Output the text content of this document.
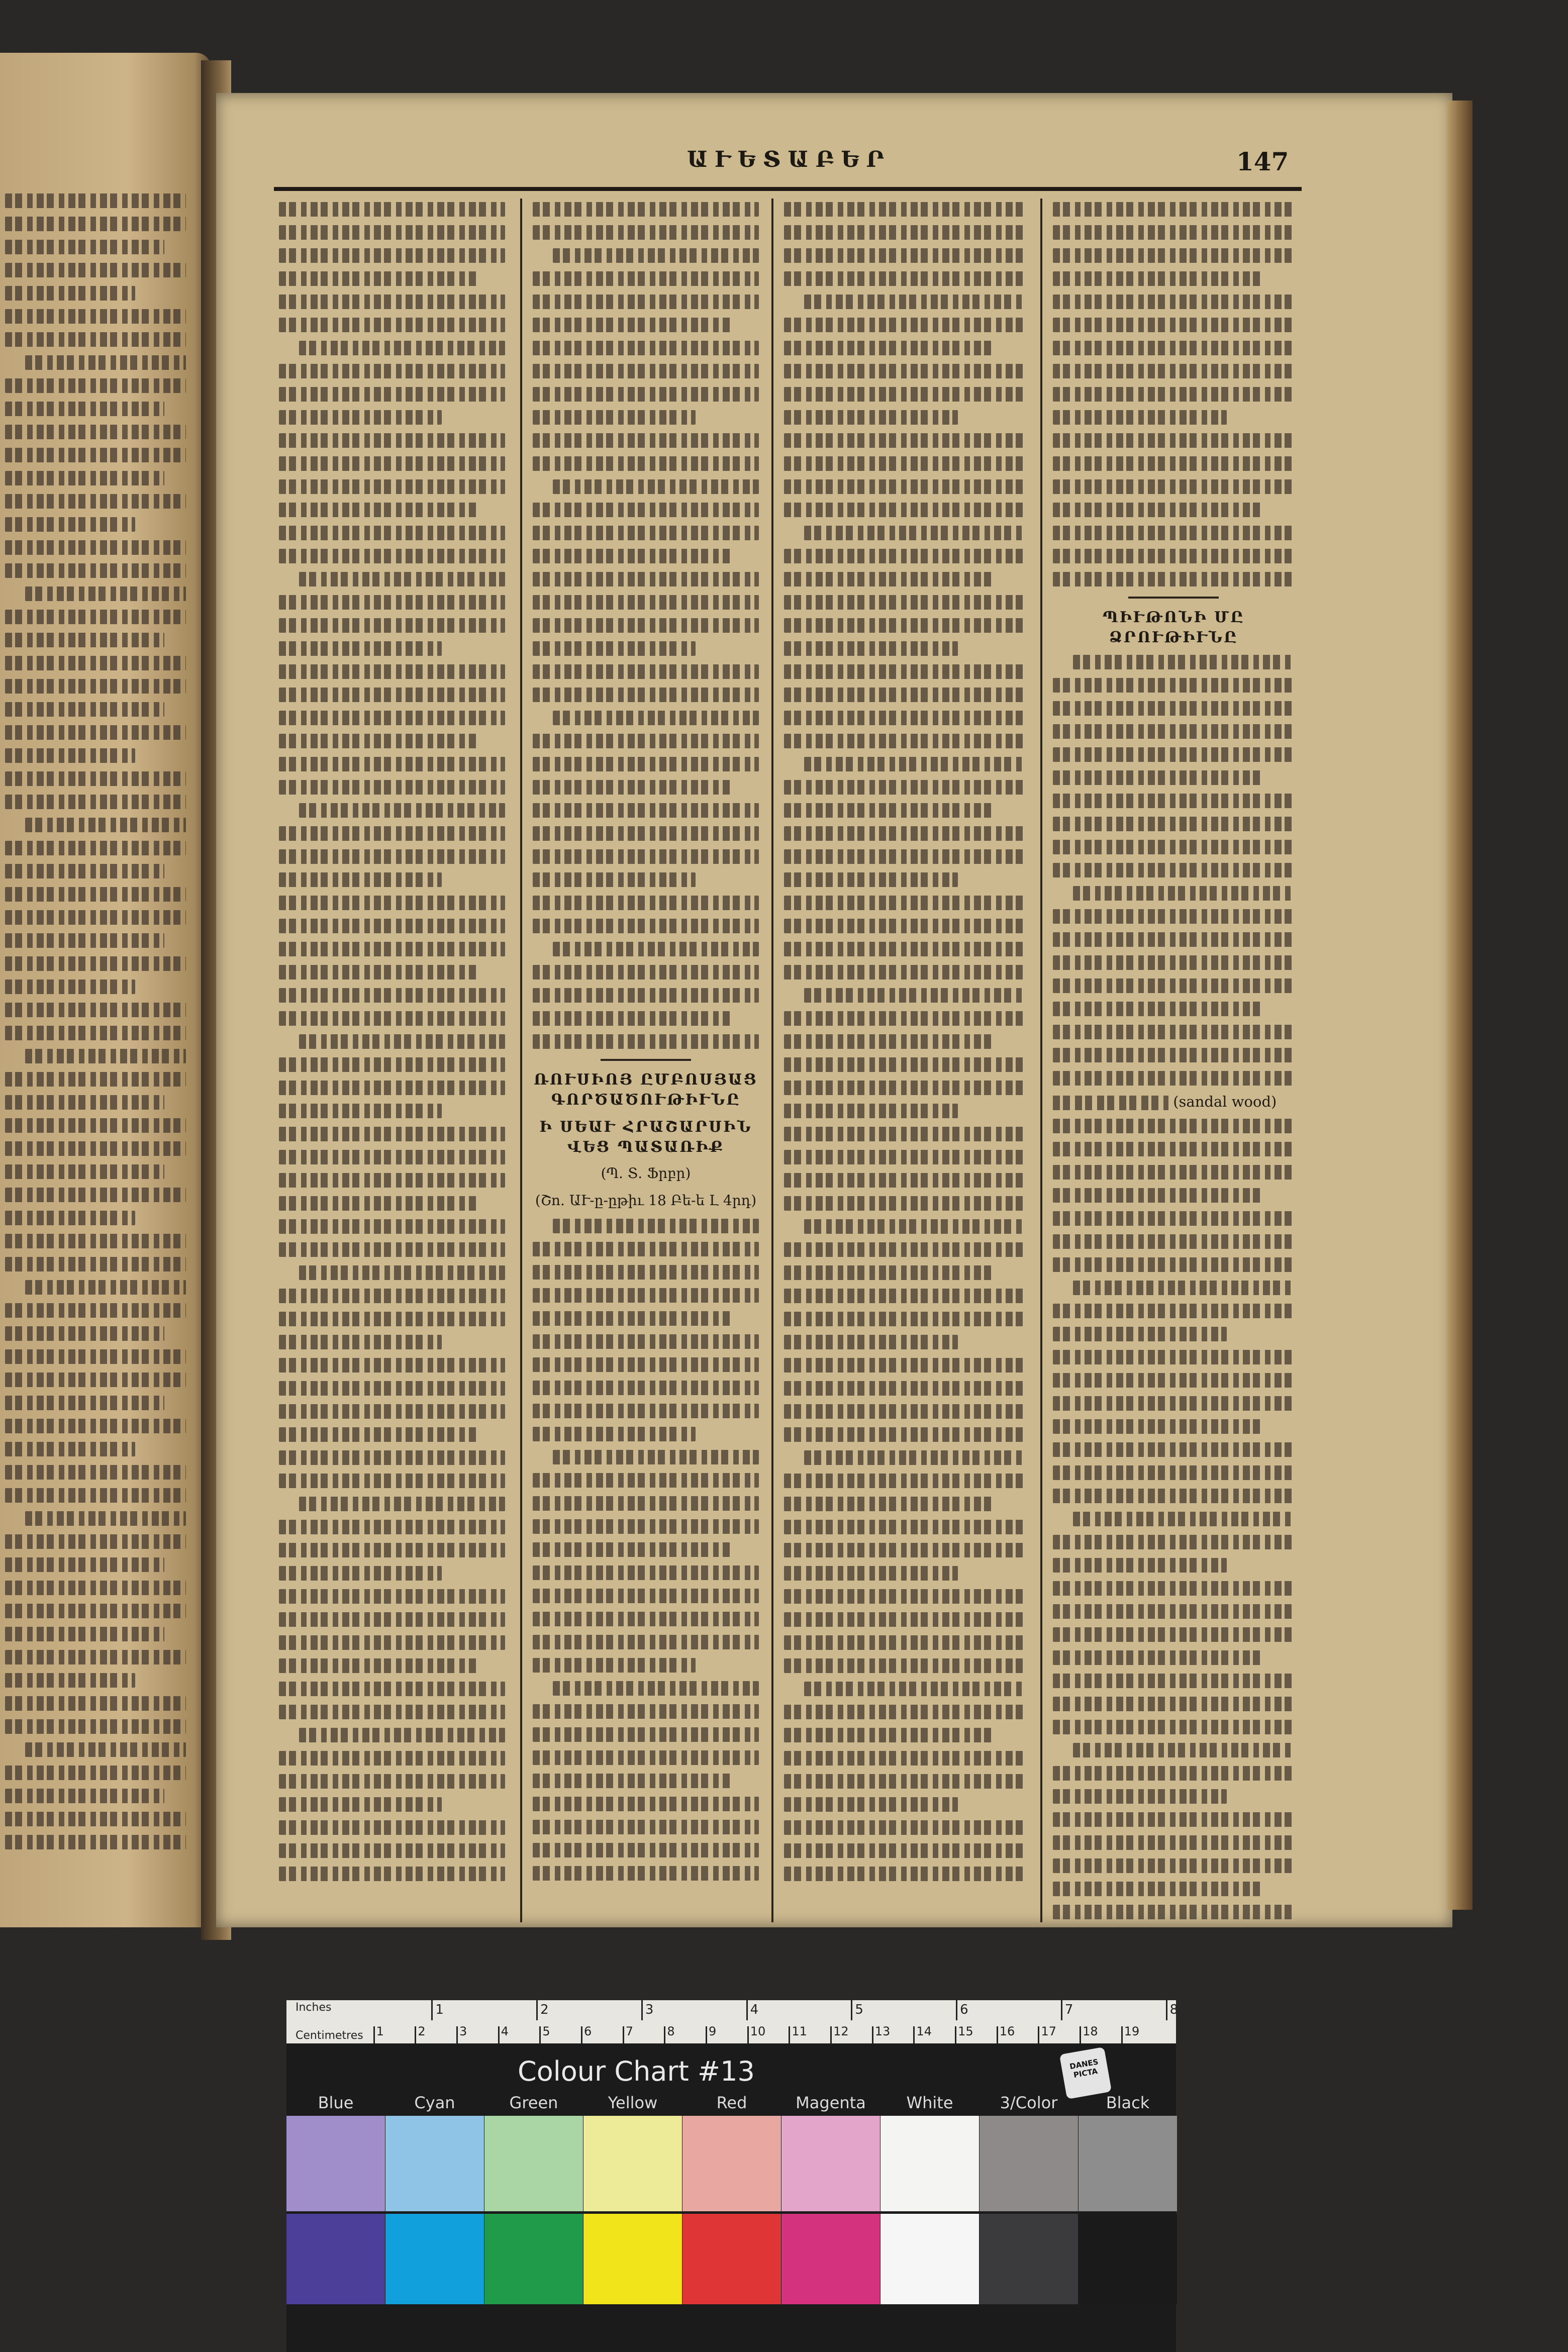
ԱՒԵՏԱԲԵՐ	147
ՌՈՒՍԻՈՅ ԸՄԲՈՍՅԱՑ ԳՈՐԾԱԾՈՒԹԻՒՆԸ
Ի ՍԵԱՒ ՀՐԱՇԱՐՍԻՆ ՎԵՑ ՊԱՏԱՌԻՔ
(Պ. Տ. Ֆրբր)
(Շո. ԱՒ-ը-ըթիւ 18 Բե-ե Լ 4րդ)
ՊԻՒԹՈՆԻ ՄԸ ՁՐՈՒԹԻՒՆԸ
(sandal wood)
Inches
Centimetres
1	2	3	4	5	6	7	8
1	2	3	4	5	6	7	8	9	10 11 12 13 14 15 16 17 18 19
Colour Chart #13	DANES PICTA
Blue	Cyan	Green	Yellow	Red	Magenta	White	3/Color	Black
